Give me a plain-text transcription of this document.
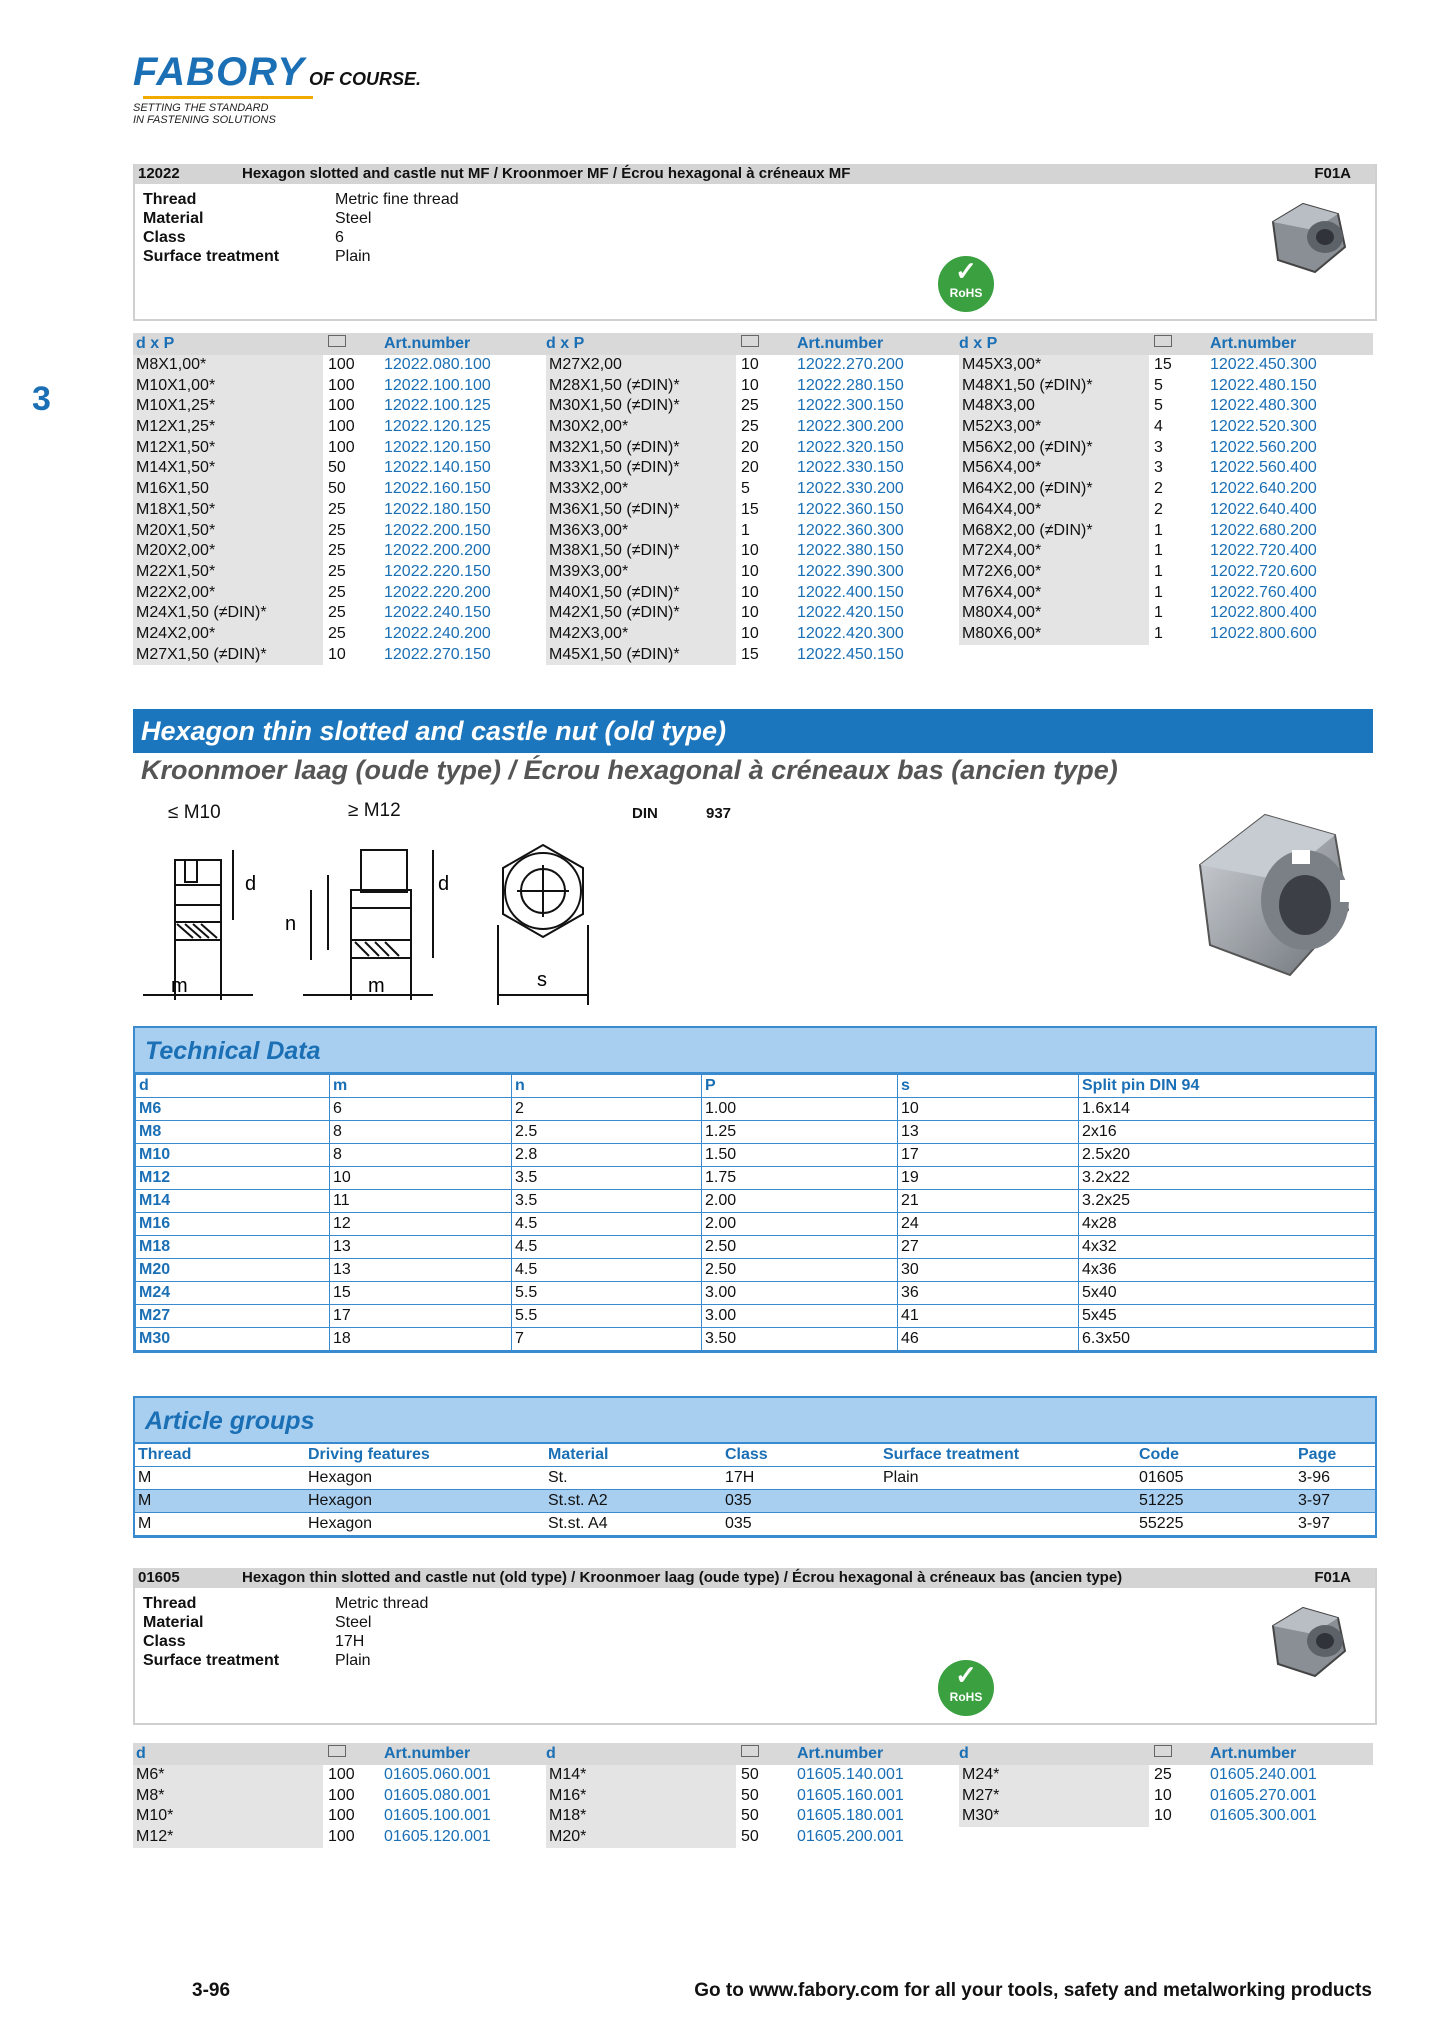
FABORY OF COURSE.
SETTING THE STANDARD
IN FASTENING SOLUTIONS
3
12022	Hexagon slotted and castle nut MF / Kroonmoer MF / Écrou hexagonal à créneaux MF	F01A
Thread	Metric fine thread
Material	Steel
Class	6
Surface treatment	Plain	✓
RoHS
d x P	Art.number	d x P	Art.number	d x P	Art.number
M8X1,00*	100 12022.080.100	M27X2,00	10 12022.270.200	M45X3,00*	15 12022.450.300
M10X1,00*	100 12022.100.100	M28X1,50 (≠DIN)*	10 12022.280.150	M48X1,50 (≠DIN)*	5	12022.480.150
M10X1,25*	100 12022.100.125	M30X1,50 (≠DIN)*	25 12022.300.150	M48X3,00	5	12022.480.300
M12X1,25*	100 12022.120.125	M30X2,00*	25 12022.300.200	M52X3,00*	4	12022.520.300
M12X1,50*	100 12022.120.150	M32X1,50 (≠DIN)*	20 12022.320.150	M56X2,00 (≠DIN)*	3	12022.560.200
M14X1,50*	50 12022.140.150	M33X1,50 (≠DIN)*	20 12022.330.150	M56X4,00*	3	12022.560.400
M16X1,50	50 12022.160.150	M33X2,00*	5	12022.330.200	M64X2,00 (≠DIN)*	2	12022.640.200
M18X1,50*	25 12022.180.150	M36X1,50 (≠DIN)*	15 12022.360.150	M64X4,00*	2	12022.640.400
M20X1,50*	25 12022.200.150	M36X3,00*	1	12022.360.300	M68X2,00 (≠DIN)*	1	12022.680.200
M20X2,00*	25 12022.200.200	M38X1,50 (≠DIN)*	10 12022.380.150	M72X4,00*	1	12022.720.400
M22X1,50*	25 12022.220.150	M39X3,00*	10 12022.390.300	M72X6,00*	1	12022.720.600
M22X2,00*	25 12022.220.200	M40X1,50 (≠DIN)*	10 12022.400.150	M76X4,00*	1	12022.760.400
M24X1,50 (≠DIN)*	25 12022.240.150	M42X1,50 (≠DIN)*	10 12022.420.150	M80X4,00*	1	12022.800.400
M24X2,00*	25 12022.240.200	M42X3,00*	10 12022.420.300	M80X6,00*	1	12022.800.600
M27X1,50 (≠DIN)*	10 12022.270.150	M45X1,50 (≠DIN)*	15 12022.450.150
Hexagon thin slotted and castle nut (old type)
Kroonmoer laag (oude type) / Écrou hexagonal à créneaux bas (ancien type)
≤ M10	≥ M12	DIN	937
m	m
d	d
n
s
Technical Data
d	m	n	P	s	Split pin DIN 94
M6	6	2	1.00	10	1.6x14
M8	8	2.5	1.25	13	2x16
M10	8	2.8	1.50	17	2.5x20
M12	10	3.5	1.75	19	3.2x22
M14	11	3.5	2.00	21	3.2x25
M16	12	4.5	2.00	24	4x28
M18	13	4.5	2.50	27	4x32
M20	13	4.5	2.50	30	4x36
M24	15	5.5	3.00	36	5x40
M27	17	5.5	3.00	41	5x45
M30	18	7	3.50	46	6.3x50
Article groups
Thread	Driving features	Material	Class	Surface treatment	Code	Page
M	Hexagon	St.	17H	Plain	01605	3-96
M	Hexagon	St.st. A2	035		51225	3-97
M	Hexagon	St.st. A4	035		55225	3-97
01605	Hexagon thin slotted and castle nut (old type) / Kroonmoer laag (oude type) / Écrou hexagonal à créneaux bas (ancien type)	F01A
Thread	Metric thread
Material	Steel
Class	17H
Surface treatment	Plain	✓
RoHS
d	Art.number	d	Art.number	d	Art.number
M6*	100 01605.060.001	M14*	50 01605.140.001	M24*	25 01605.240.001
M8*	100 01605.080.001	M16*	50 01605.160.001	M27*	10 01605.270.001
M10*	100 01605.100.001	M18*	50 01605.180.001	M30*	10 01605.300.001
M12*	100 01605.120.001	M20*	50 01605.200.001
3-96	Go to www.fabory.com for all your tools, safety and metalworking products
